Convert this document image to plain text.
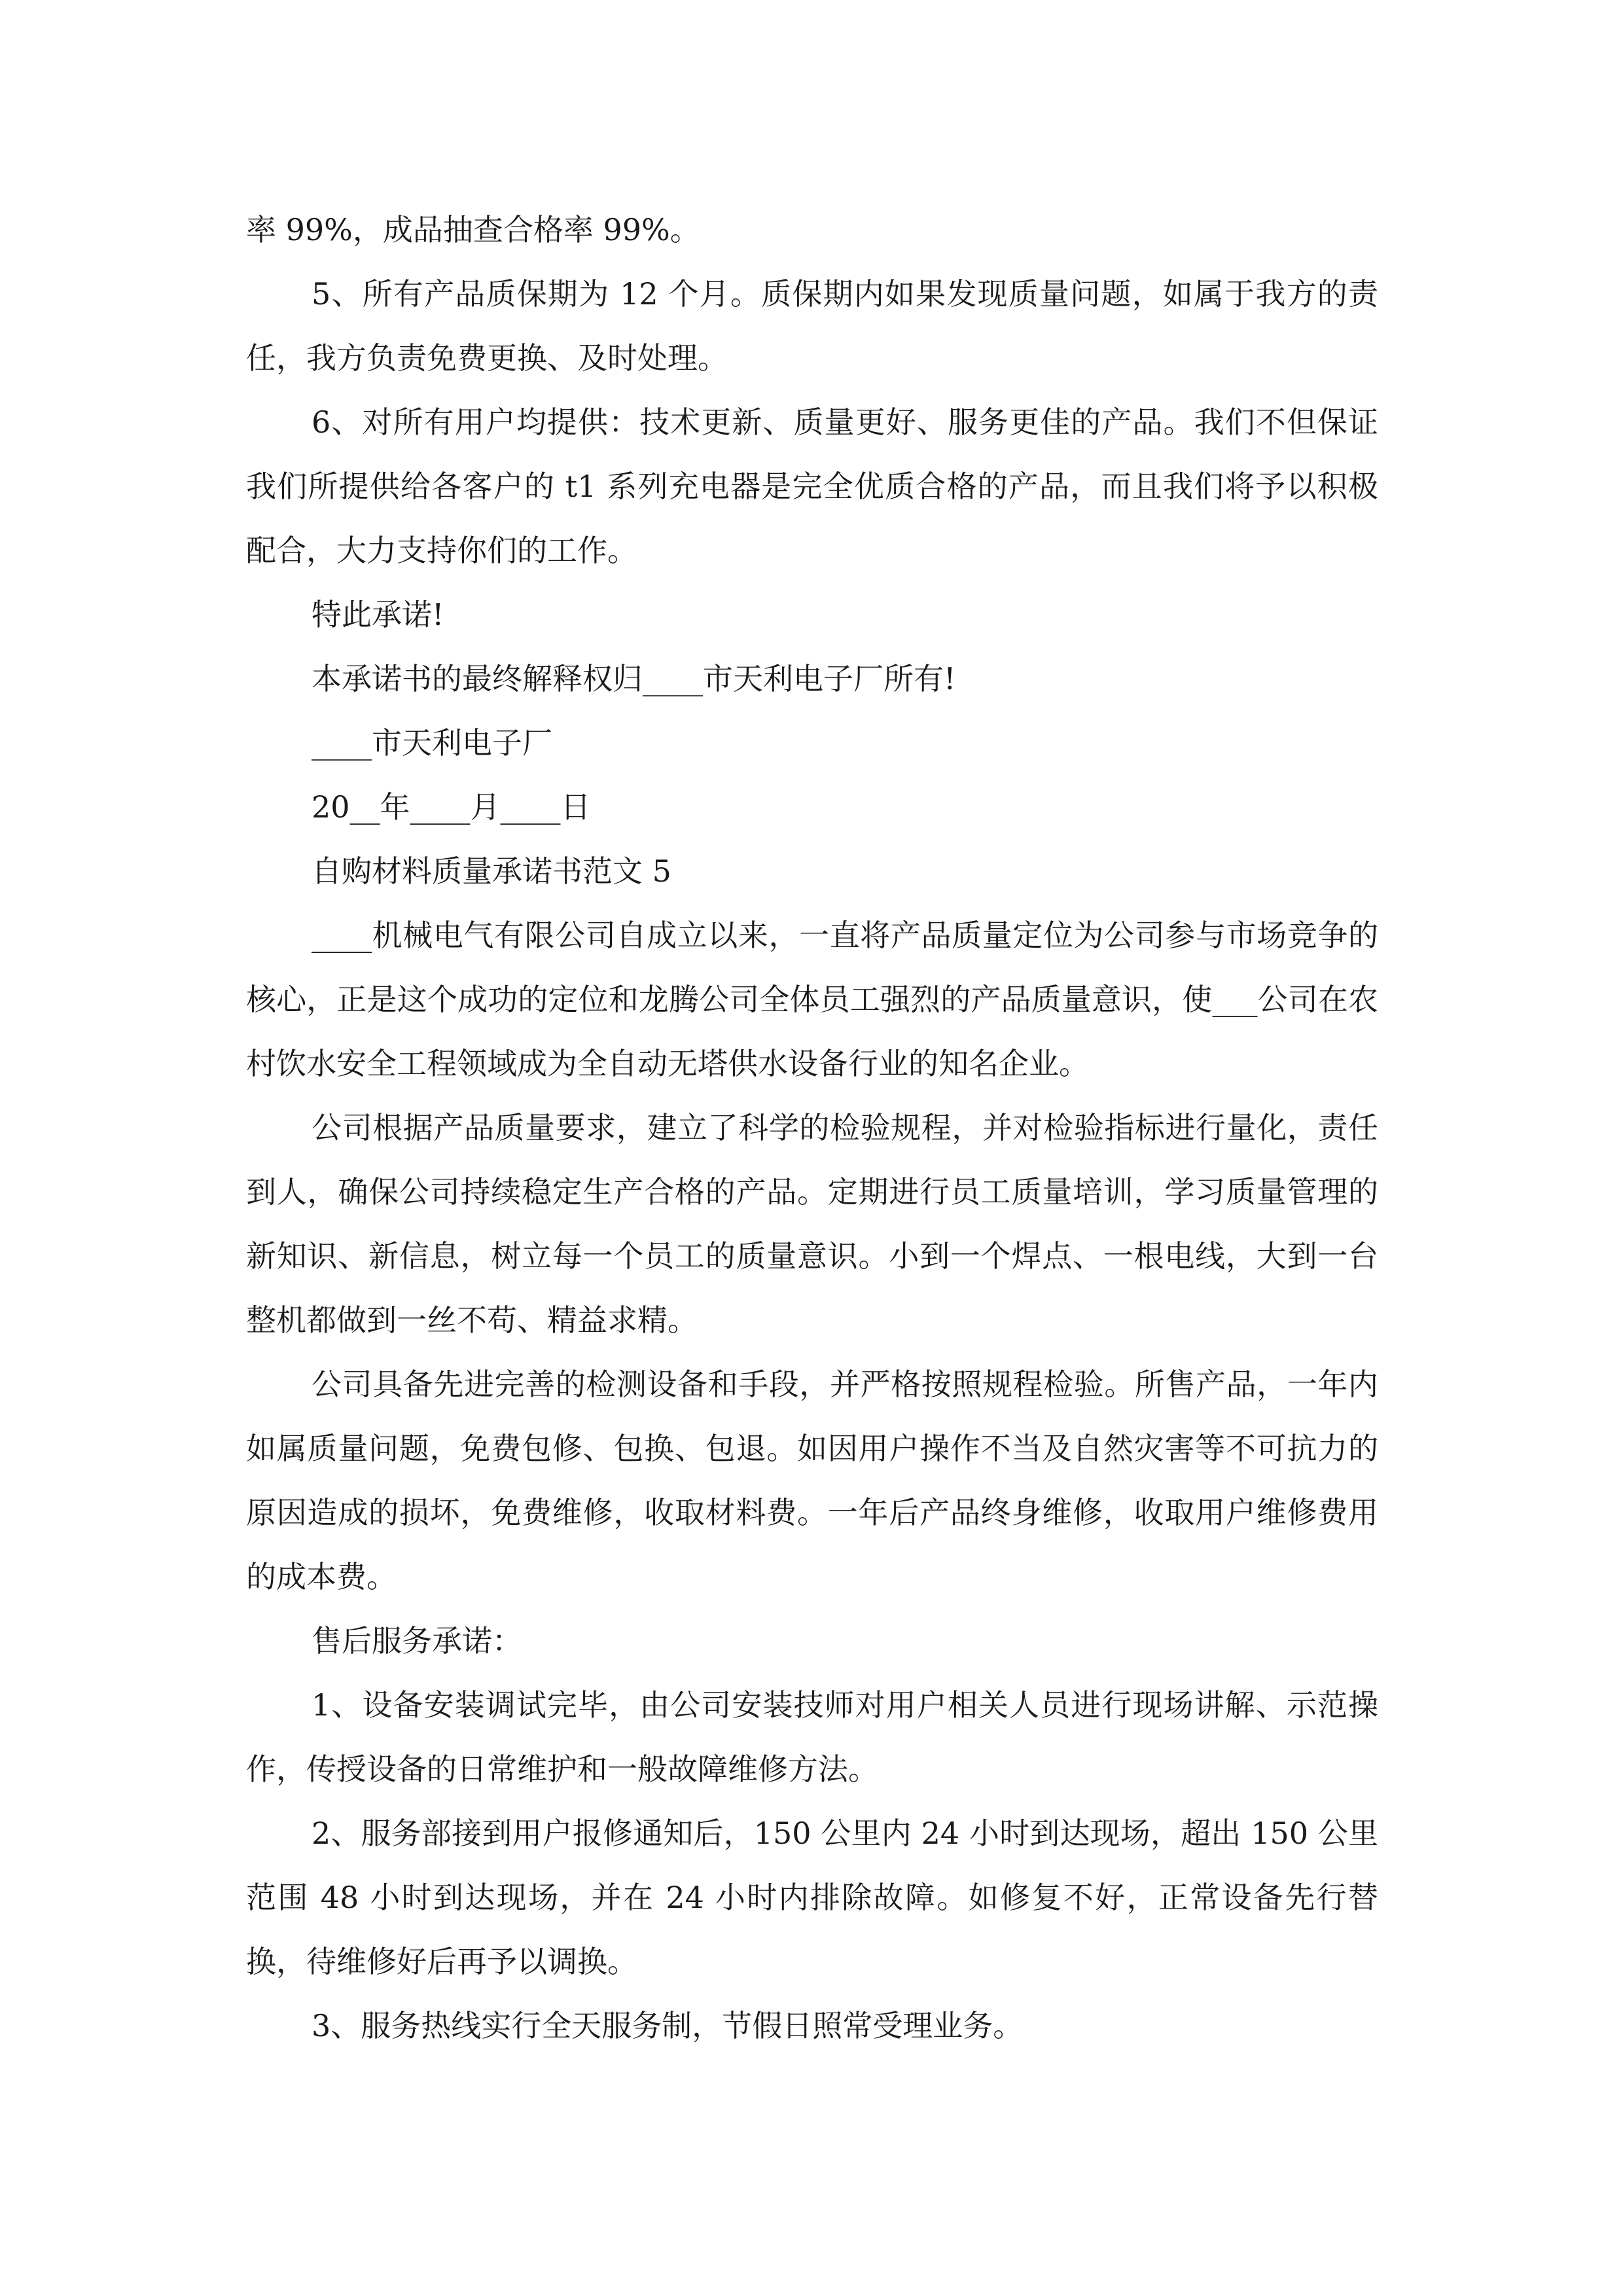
率 99%，成品抽查合格率 99%。

5、所有产品质保期为 12 个月。质保期内如果发现质量问题，如属于我方的责任，我方负责免费更换、及时处理。

6、对所有用户均提供：技术更新、质量更好、服务更佳的产品。我们不但保证我们所提供给各客户的 t1 系列充电器是完全优质合格的产品，而且我们将予以积极配合，大力支持你们的工作。

特此承诺!

本承诺书的最终解释权归____市天利电子厂所有!

____市天利电子厂

20__年____月____日

自购材料质量承诺书范文 5

____机械电气有限公司自成立以来，一直将产品质量定位为公司参与市场竞争的核心，正是这个成功的定位和龙腾公司全体员工强烈的产品质量意识，使___公司在农村饮水安全工程领域成为全自动无塔供水设备行业的知名企业。

公司根据产品质量要求，建立了科学的检验规程，并对检验指标进行量化，责任到人，确保公司持续稳定生产合格的产品。定期进行员工质量培训，学习质量管理的新知识、新信息，树立每一个员工的质量意识。小到一个焊点、一根电线，大到一台整机都做到一丝不苟、精益求精。

公司具备先进完善的检测设备和手段，并严格按照规程检验。所售产品，一年内如属质量问题，免费包修、包换、包退。如因用户操作不当及自然灾害等不可抗力的原因造成的损坏，免费维修，收取材料费。一年后产品终身维修，收取用户维修费用的成本费。

售后服务承诺：

1、设备安装调试完毕，由公司安装技师对用户相关人员进行现场讲解、示范操作，传授设备的日常维护和一般故障维修方法。

2、服务部接到用户报修通知后，150 公里内 24 小时到达现场，超出 150 公里范围 48 小时到达现场，并在 24 小时内排除故障。如修复不好，正常设备先行替换，待维修好后再予以调换。

3、服务热线实行全天服务制，节假日照常受理业务。
